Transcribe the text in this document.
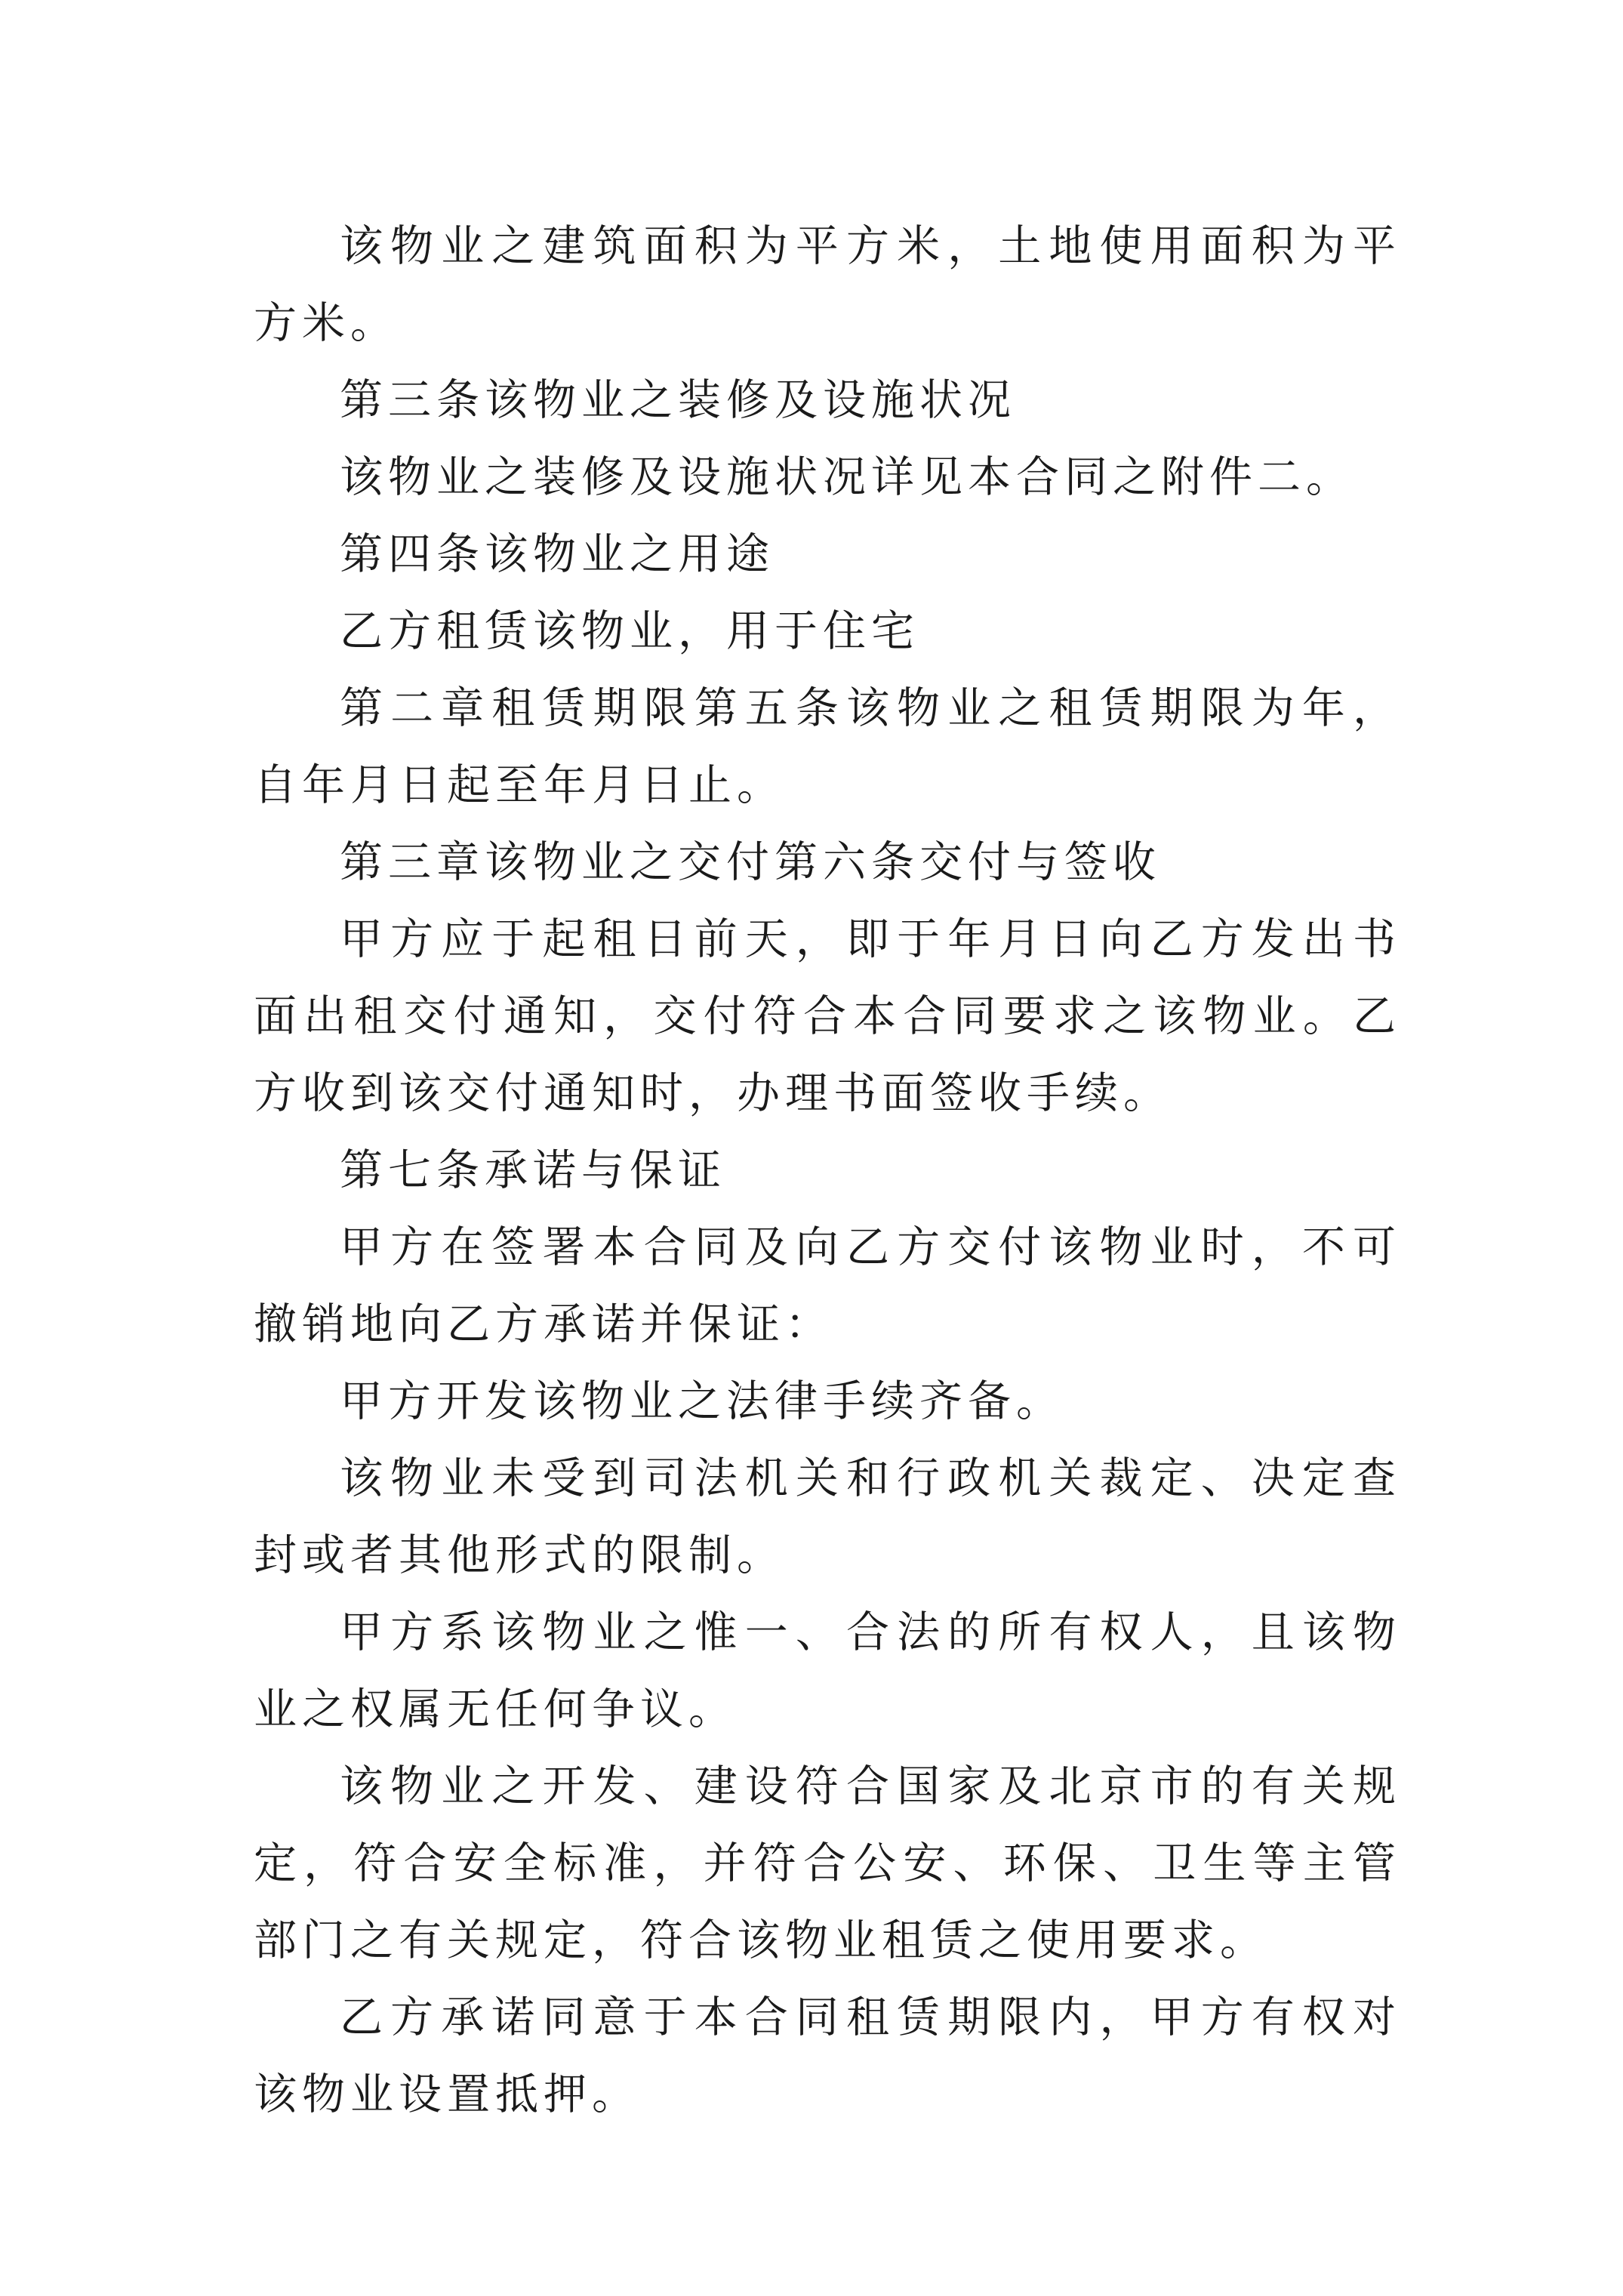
该物业之建筑面积为平方米，土地使用面积为平方米。

第三条该物业之装修及设施状况

该物业之装修及设施状况详见本合同之附件二。

第四条该物业之用途

乙方租赁该物业，用于住宅

第二章租赁期限第五条该物业之租赁期限为年，自年月日起至年月日止。

第三章该物业之交付第六条交付与签收

甲方应于起租日前天，即于年月日向乙方发出书面出租交付通知，交付符合本合同要求之该物业。乙方收到该交付通知时，办理书面签收手续。

第七条承诺与保证

甲方在签署本合同及向乙方交付该物业时，不可撤销地向乙方承诺并保证：

甲方开发该物业之法律手续齐备。

该物业未受到司法机关和行政机关裁定、决定查封或者其他形式的限制。

甲方系该物业之惟一、合法的所有权人，且该物业之权属无任何争议。

该物业之开发、建设符合国家及北京市的有关规定，符合安全标准，并符合公安、环保、卫生等主管部门之有关规定，符合该物业租赁之使用要求。

乙方承诺同意于本合同租赁期限内，甲方有权对该物业设置抵押。
